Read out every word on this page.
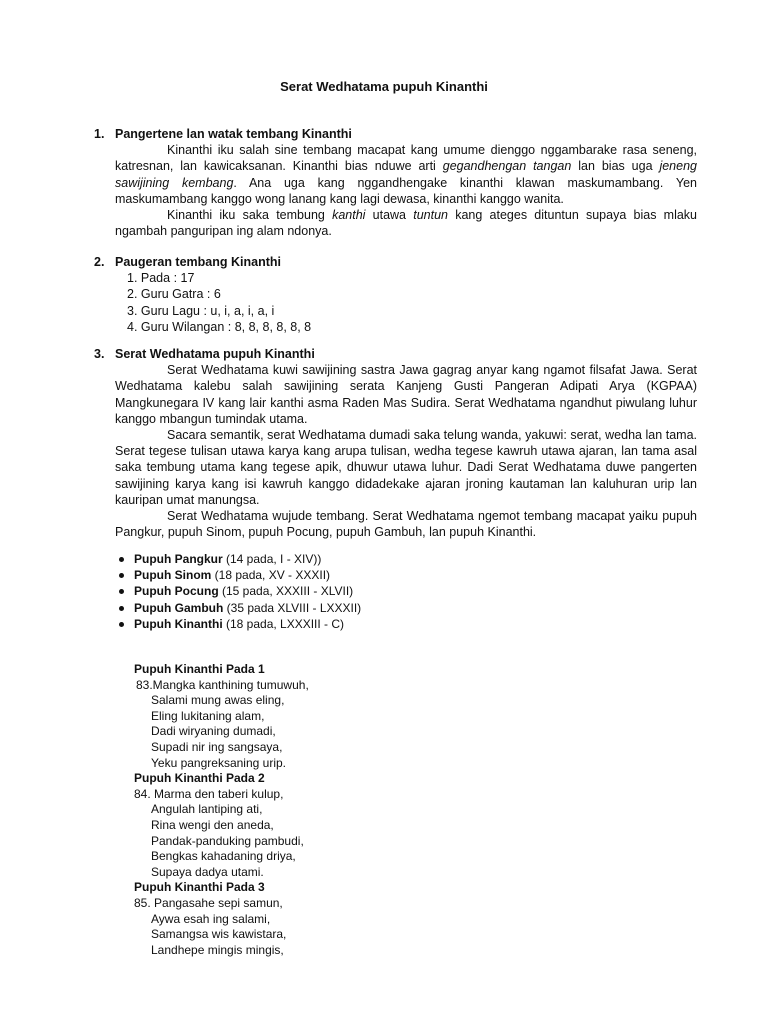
Serat Wedhatama pupuh Kinanthi
1. Pangertene lan watak tembang Kinanthi

Kinanthi iku salah sine tembang macapat kang umume dienggo nggambarake rasa seneng, katresnan, lan kawicaksanan. Kinanthi bias nduwe arti gegandhengan tangan lan bias uga jeneng sawijining kembang. Ana uga kang nggandhengake kinanthi klawan maskumambang. Yen maskumambang kanggo wong lanang kang lagi dewasa, kinanthi kanggo wanita.

Kinanthi iku saka tembung kanthi utawa tuntun kang ateges dituntun supaya bias mlaku ngambah panguripan ing alam ndonya.

2. Paugeran tembang Kinanthi
1. Pada : 17
2. Guru Gatra : 6
3. Guru Lagu : u, i, a, i, a, i
4. Guru Wilangan : 8, 8, 8, 8, 8, 8
3. Serat Wedhatama pupuh Kinanthi

Serat Wedhatama kuwi sawijining sastra Jawa gagrag anyar kang ngamot filsafat Jawa. Serat Wedhatama kalebu salah sawijining serata Kanjeng Gusti Pangeran Adipati Arya (KGPAA) Mangkunegara IV kang lair kanthi asma Raden Mas Sudira. Serat Wedhatama ngandhut piwulang luhur kanggo mbangun tumindak utama.

Sacara semantik, serat Wedhatama dumadi saka telung wanda, yakuwi: serat, wedha lan tama. Serat tegese tulisan utawa karya kang arupa tulisan, wedha tegese kawruh utawa ajaran, lan tama asal saka tembung utama kang tegese apik, dhuwur utawa luhur. Dadi Serat Wedhatama duwe pangerten sawijining karya kang isi kawruh kanggo didadekake ajaran jroning kautaman lan kaluhuran urip lan kauripan umat manungsa.

Serat Wedhatama wujude tembang. Serat Wedhatama ngemot tembang macapat yaiku pupuh Pangkur, pupuh Sinom, pupuh Pocung, pupuh Gambuh, lan pupuh Kinanthi.

Pupuh Pangkur (14 pada, I - XIV))
Pupuh Sinom (18 pada, XV - XXXII)
Pupuh Pocung (15 pada, XXXIII - XLVII)
Pupuh Gambuh (35 pada XLVIII - LXXXII)
Pupuh Kinanthi (18 pada, LXXXIII - C)
Pupuh Kinanthi Pada 1
83.Mangka kanthining tumuwuh,
Salami mung awas eling,
Eling lukitaning alam,
Dadi wiryaning dumadi,
Supadi nir ing sangsaya,
Yeku pangreksaning urip.
Pupuh Kinanthi Pada 2
84. Marma den taberi kulup,
Angulah lantiping ati,
Rina wengi den aneda,
Pandak-panduking pambudi,
Bengkas kahadaning driya,
Supaya dadya utami.
Pupuh Kinanthi Pada 3
85. Pangasahe sepi samun,
Aywa esah ing salami,
Samangsa wis kawistara,
Landhepe mingis mingis,
